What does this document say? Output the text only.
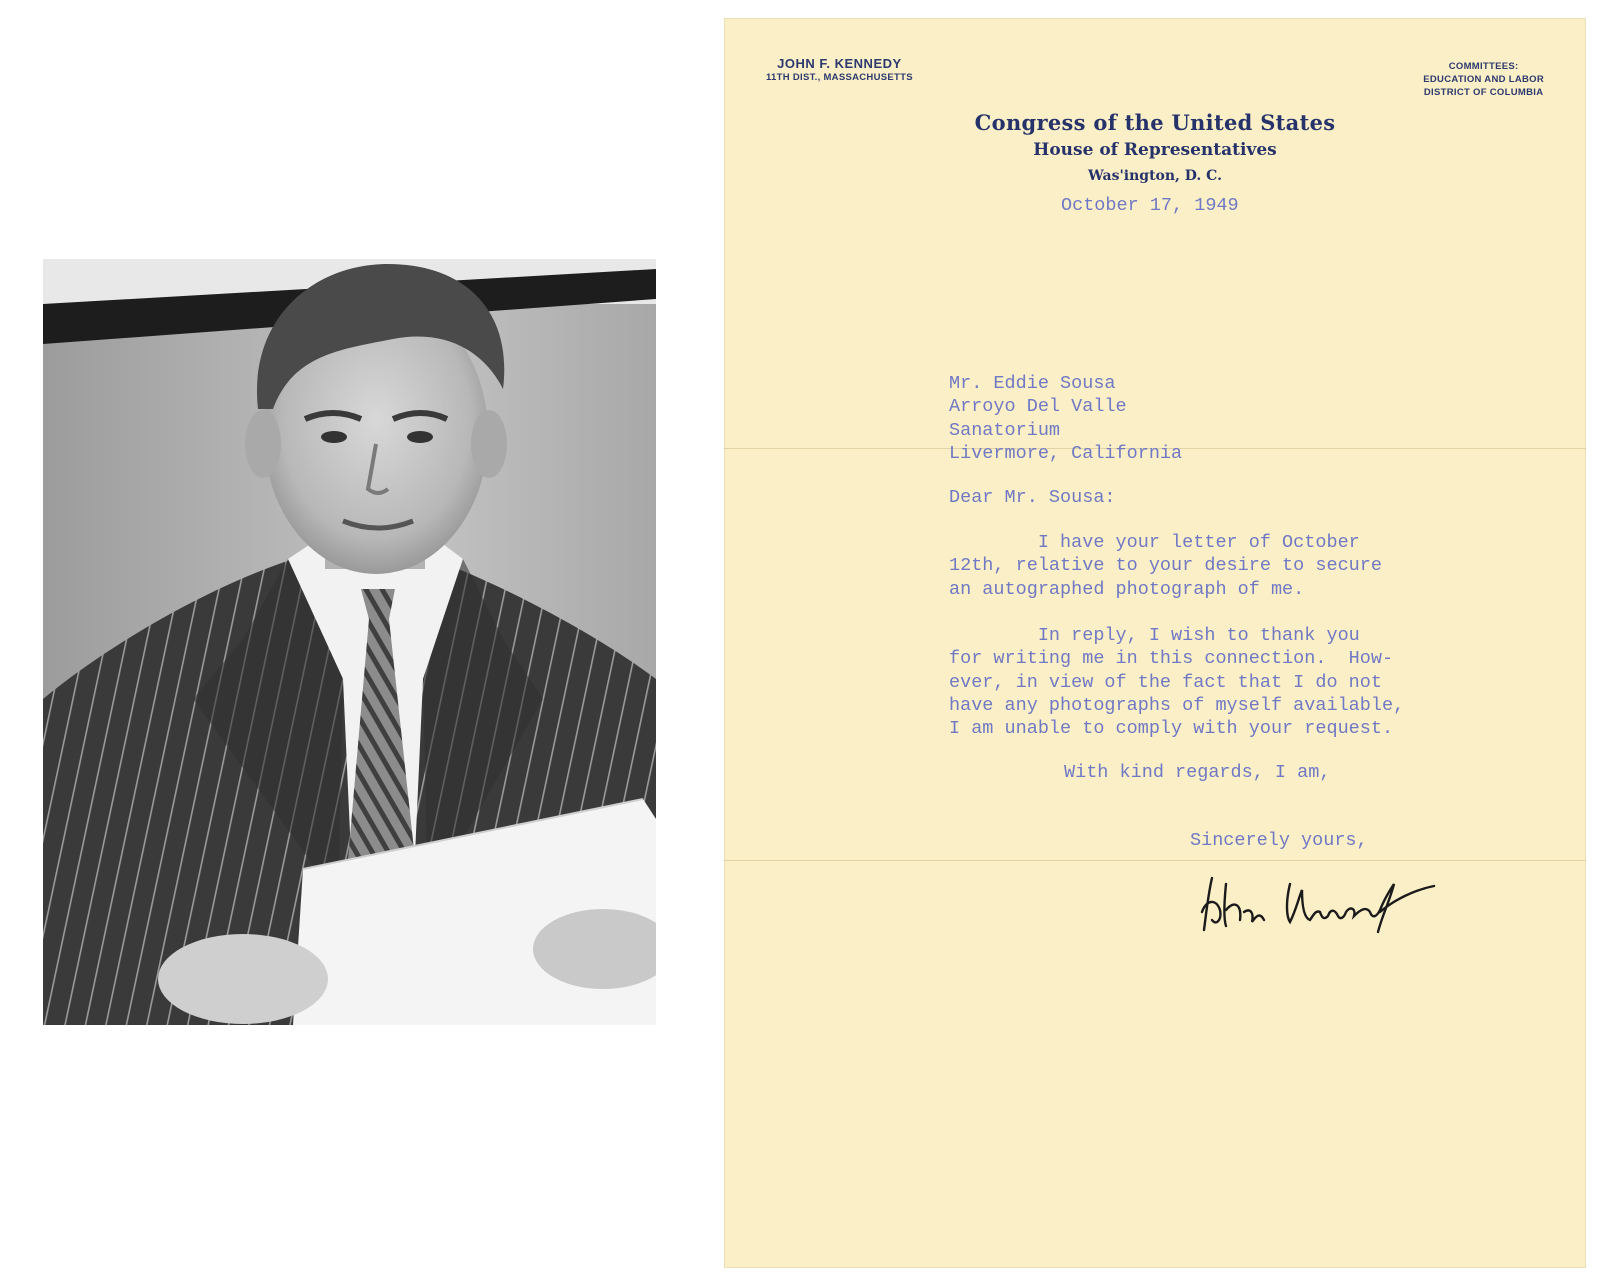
JOHN F. KENNEDY
11TH DIST., MASSACHUSETTS
COMMITTEES:
EDUCATION AND LABOR
DISTRICT OF COLUMBIA
Congress of the United States
House of Representatives
Was'ington, D. C.
October 17, 1949
Mr. Eddie Sousa
Arroyo Del Valle
Sanatorium
Livermore, California
Dear Mr. Sousa:
I have your letter of October
12th, relative to your desire to secure
an autographed photograph of me.
In reply, I wish to thank you
for writing me in this connection.  How-
ever, in view of the fact that I do not
have any photographs of myself available,
I am unable to comply with your request.
With kind regards, I am,
Sincerely yours,
